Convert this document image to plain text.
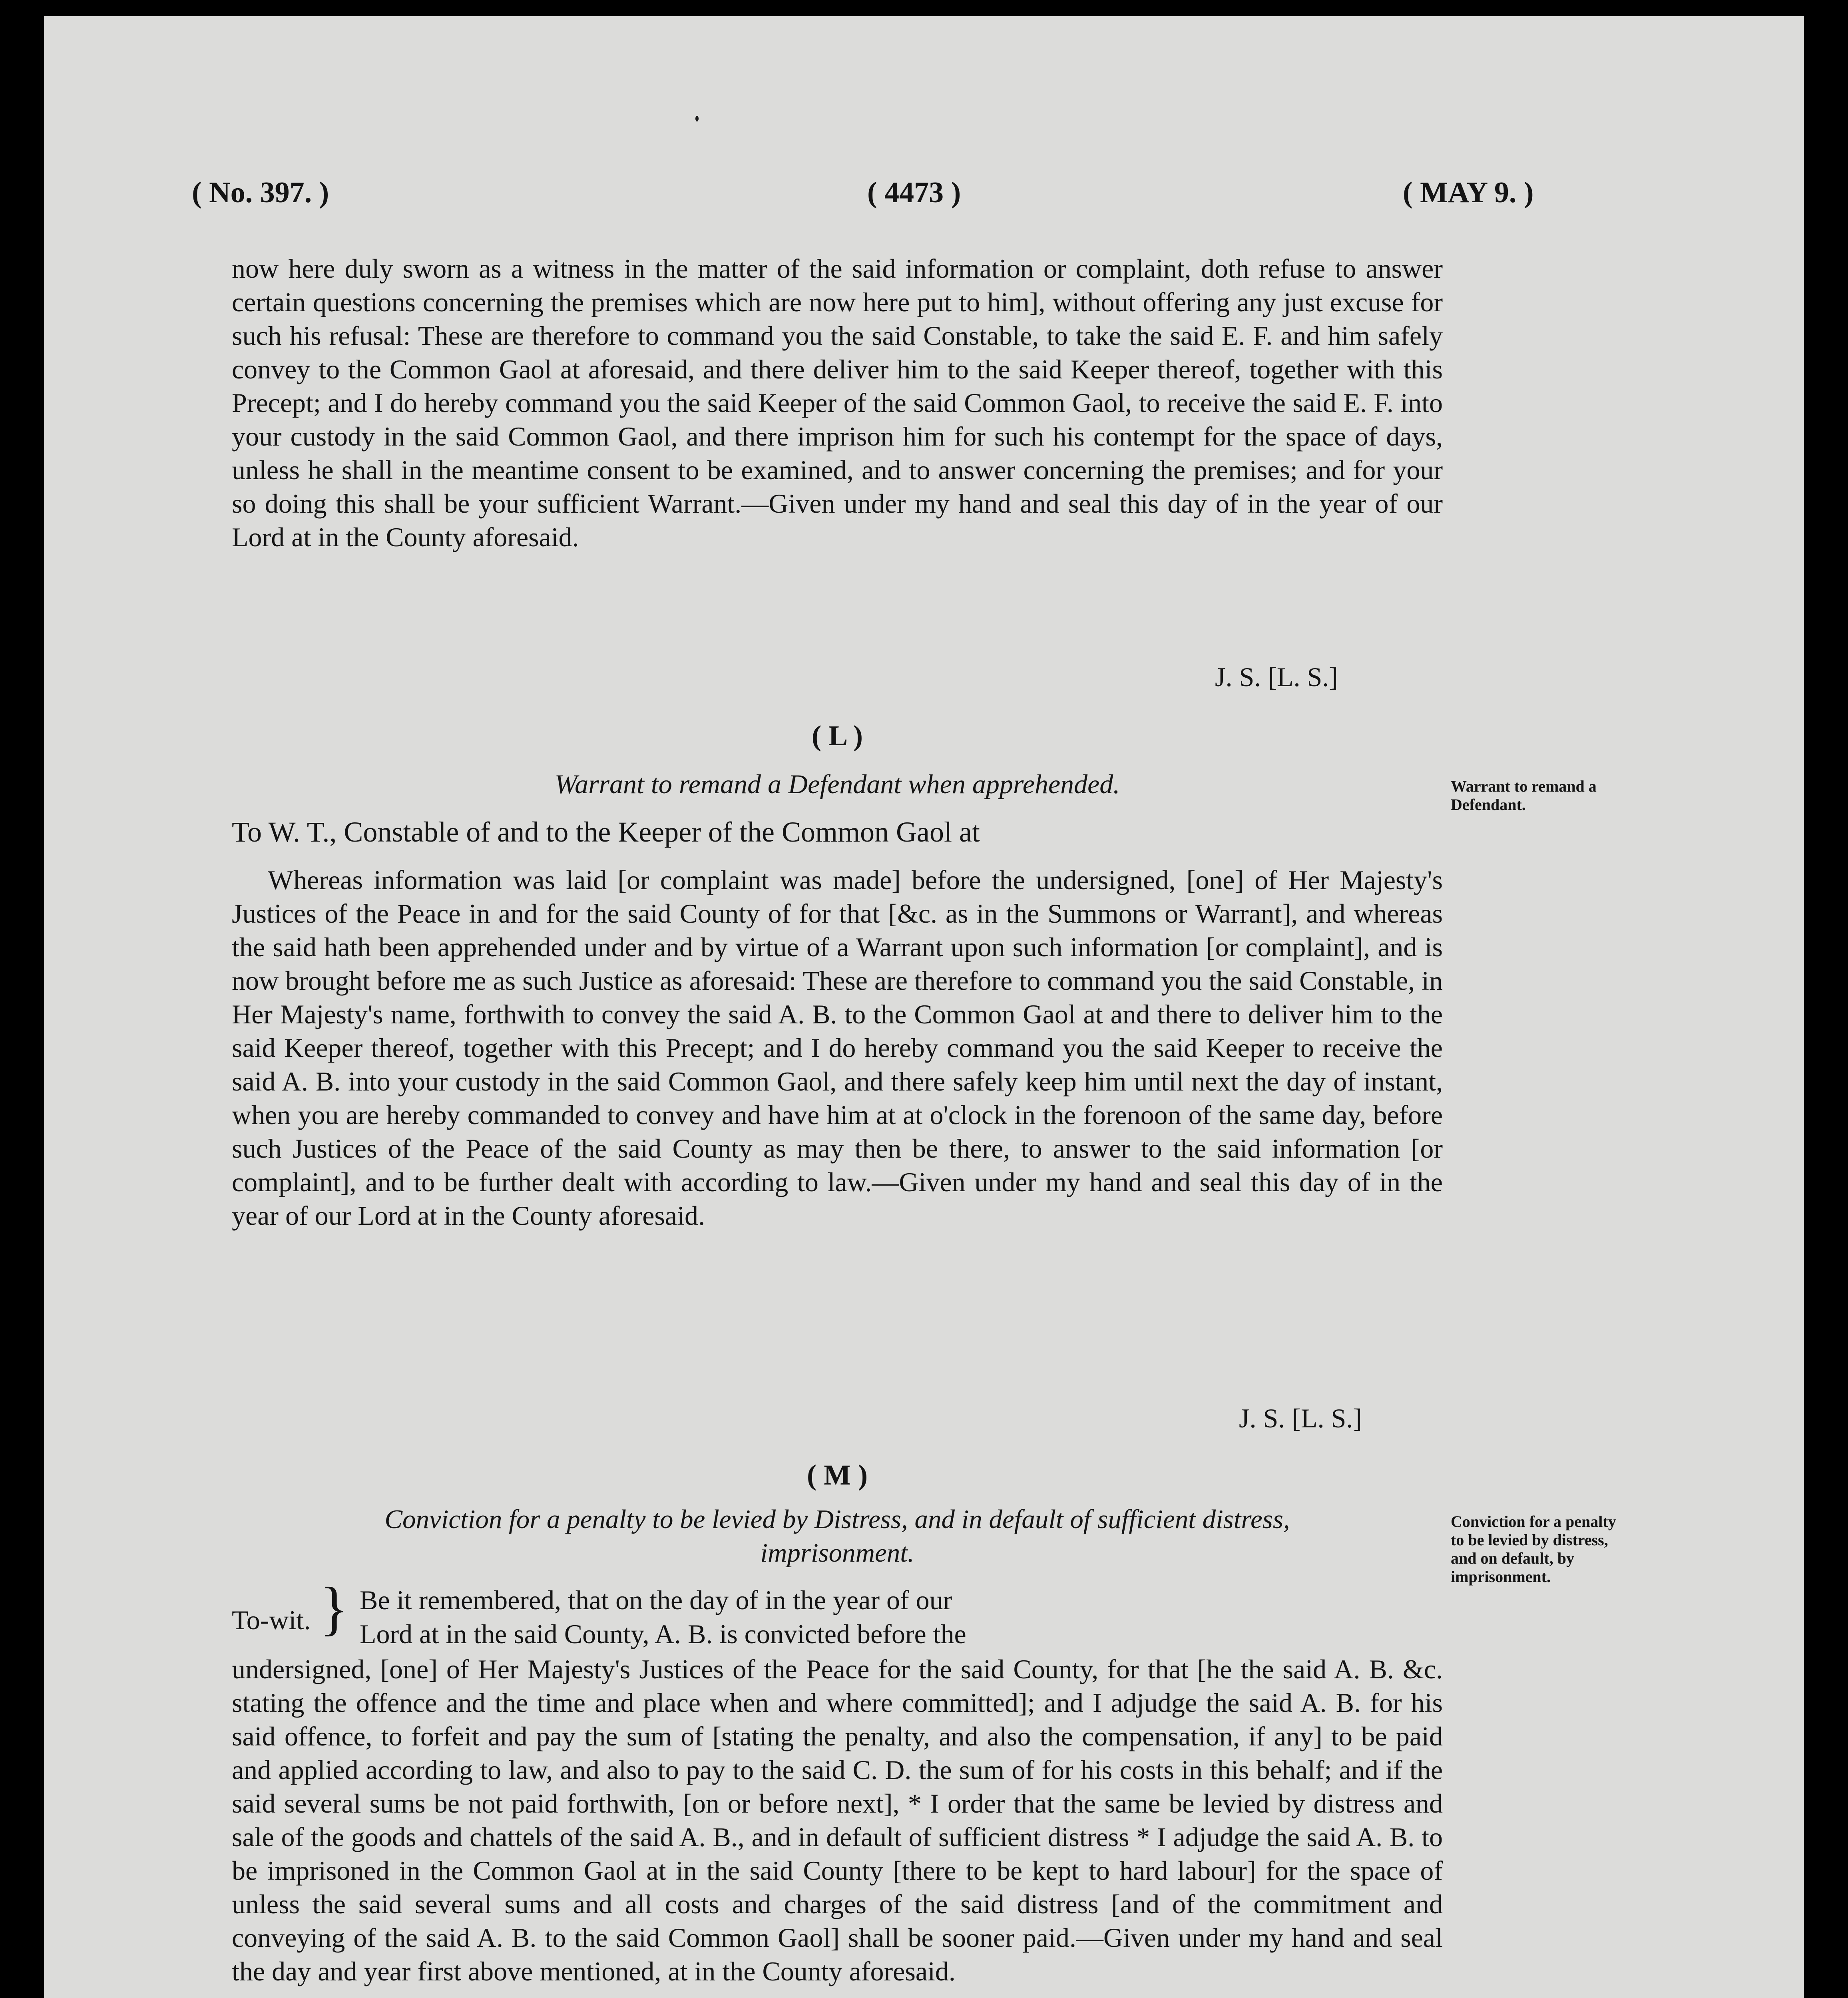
( No. 397. )	( 4473 )	( MAY 9. )

now here duly sworn as a witness in the matter of the said information or complaint, doth refuse to answer certain questions concerning the premises which are now here put to him], without offering any just excuse for such his refusal: These are therefore to command you the said Constable, to take the said E. F. and him safely convey to the Common Gaol at aforesaid, and there deliver him to the said Keeper thereof, together with this Precept; and I do hereby command you the said Keeper of the said Common Gaol, to receive the said E. F. into your custody in the said Common Gaol, and there imprison him for such his contempt for the space of days, unless he shall in the meantime consent to be examined, and to answer concerning the premises; and for your so doing this shall be your sufficient Warrant.—Given under my hand and seal this day of in the year of our Lord at in the County aforesaid.

J. S. [L. S.]
( L )
Warrant to remand a Defendant when apprehended.	Warrant to remand a Defendant.
To W. T., Constable of and to the Keeper of the Common Gaol at

Whereas information was laid [or complaint was made] before the undersigned, [one] of Her Majesty's Justices of the Peace in and for the said County of for that [&c. as in the Summons or Warrant], and whereas the said hath been apprehended under and by virtue of a Warrant upon such information [or complaint], and is now brought before me as such Justice as aforesaid: These are therefore to command you the said Constable, in Her Majesty's name, forthwith to convey the said A. B. to the Common Gaol at and there to deliver him to the said Keeper thereof, together with this Precept; and I do hereby command you the said Keeper to receive the said A. B. into your custody in the said Common Gaol, and there safely keep him until next the day of instant, when you are hereby commanded to convey and have him at at o'clock in the forenoon of the same day, before such Justices of the Peace of the said County as may then be there, to answer to the said information [or complaint], and to be further dealt with according to law.—Given under my hand and seal this day of in the year of our Lord at in the County aforesaid.

J. S. [L. S.]
( M )
Conviction for a penalty to be levied by Distress, and in default of sufficient distress,
imprisonment.
Conviction for a penalty to be levied by distress, and on default, by imprisonment.
To-wit. } Be it remembered, that on the day of in the year of our
Lord at in the said County, A. B. is convicted before the

undersigned, [one] of Her Majesty's Justices of the Peace for the said County, for that [he the said A. B. &c. stating the offence and the time and place when and where committed]; and I adjudge the said A. B. for his said offence, to forfeit and pay the sum of [stating the penalty, and also the compensation, if any] to be paid and applied according to law, and also to pay to the said C. D. the sum of for his costs in this behalf; and if the said several sums be not paid forthwith, [on or before next], * I order that the same be levied by distress and sale of the goods and chattels of the said A. B., and in default of sufficient distress * I adjudge the said A. B. to be imprisoned in the Common Gaol at in the said County [there to be kept to hard labour] for the space of unless the said several sums and all costs and charges of the said distress [and of the commitment and conveying of the said A. B. to the said Common Gaol] shall be sooner paid.—Given under my hand and seal the day and year first above mentioned, at in the County aforesaid.
